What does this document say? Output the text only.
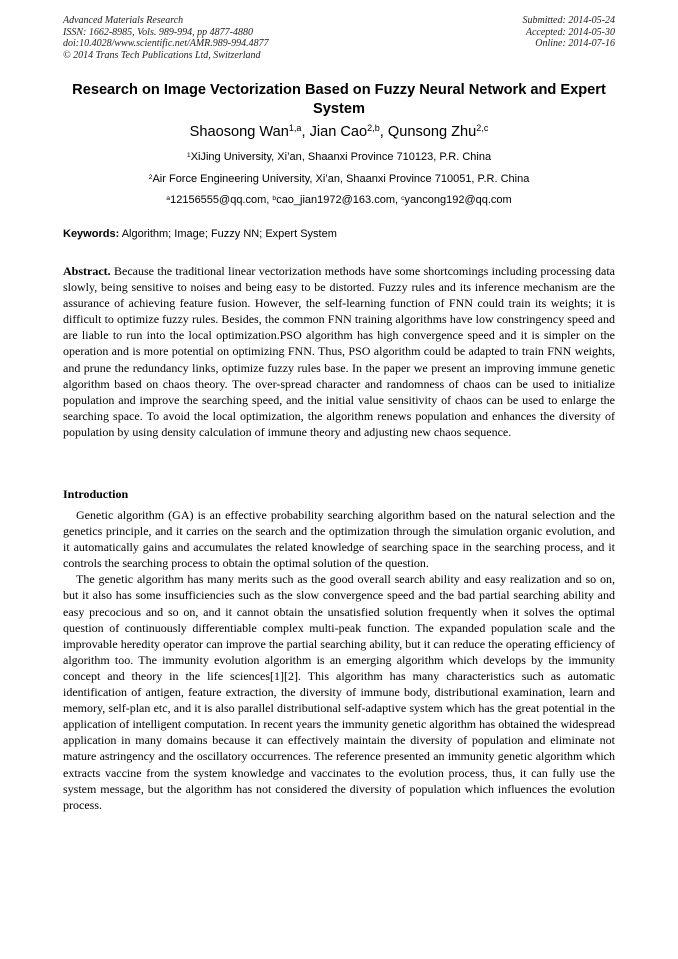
Advanced Materials Research
ISSN: 1662-8985, Vols. 989-994, pp 4877-4880
doi:10.4028/www.scientific.net/AMR.989-994.4877
© 2014 Trans Tech Publications Ltd, Switzerland
Submitted: 2014-05-24
Accepted: 2014-05-30
Online: 2014-07-16
Research on Image Vectorization Based on Fuzzy Neural Network and Expert System
Shaosong Wan$^{1,a}$, Jian Cao$^{2,b}$, Qunsong Zhu$^{2,c}$
$^1$XiJing University, Xi’an, Shaanxi Province 710123, P.R. China
$^2$Air Force Engineering University, Xi’an, Shaanxi Province 710051, P.R. China
$^a$12156555@qq.com, $^b$cao_jian1972@163.com, $^c$yancong192@qq.com
Keywords: Algorithm; Image; Fuzzy NN; Expert System
Abstract. Because the traditional linear vectorization methods have some shortcomings including processing data slowly, being sensitive to noises and being easy to be distorted. Fuzzy rules and its inference mechanism are the assurance of achieving feature fusion. However, the self-learning function of FNN could train its weights; it is difficult to optimize fuzzy rules. Besides, the common FNN training algorithms have low constringency speed and are liable to run into the local optimization.PSO algorithm has high convergence speed and it is simpler on the operation and is more potential on optimizing FNN. Thus, PSO algorithm could be adapted to train FNN weights, and prune the redundancy links, optimize fuzzy rules base. In the paper we present an improving immune genetic algorithm based on chaos theory. The over-spread character and randomness of chaos can be used to initialize population and improve the searching speed, and the initial value sensitivity of chaos can be used to enlarge the searching space. To avoid the local optimization, the algorithm renews population and enhances the diversity of population by using density calculation of immune theory and adjusting new chaos sequence.
Introduction

Genetic algorithm (GA) is an effective probability searching algorithm based on the natural selection and the genetics principle, and it carries on the search and the optimization through the simulation organic evolution, and it automatically gains and accumulates the related knowledge of searching space in the searching process, and it controls the searching process to obtain the optimal solution of the question.

The genetic algorithm has many merits such as the good overall search ability and easy realization and so on, but it also has some insufficiencies such as the slow convergence speed and the bad partial searching ability and easy precocious and so on, and it cannot obtain the unsatisfied solution frequently when it solves the optimal question of continuously differentiable complex multi-peak function. The expanded population scale and the improvable heredity operator can improve the partial searching ability, but it can reduce the operating efficiency of algorithm too. The immunity evolution algorithm is an emerging algorithm which develops by the immunity concept and theory in the life sciences[1][2]. This algorithm has many characteristics such as automatic identification of antigen, feature extraction, the diversity of immune body, distributional examination, learn and memory, self-plan etc, and it is also parallel distributional self-adaptive system which has the great potential in the application of intelligent computation. In recent years the immunity genetic algorithm has obtained the widespread application in many domains because it can effectively maintain the diversity of population and eliminate not mature astringency and the oscillatory occurrences. The reference presented an immunity genetic algorithm which extracts vaccine from the system knowledge and vaccinates to the evolution process, thus, it can fully use the system message, but the algorithm has not considered the diversity of population which influences the evolution process.
